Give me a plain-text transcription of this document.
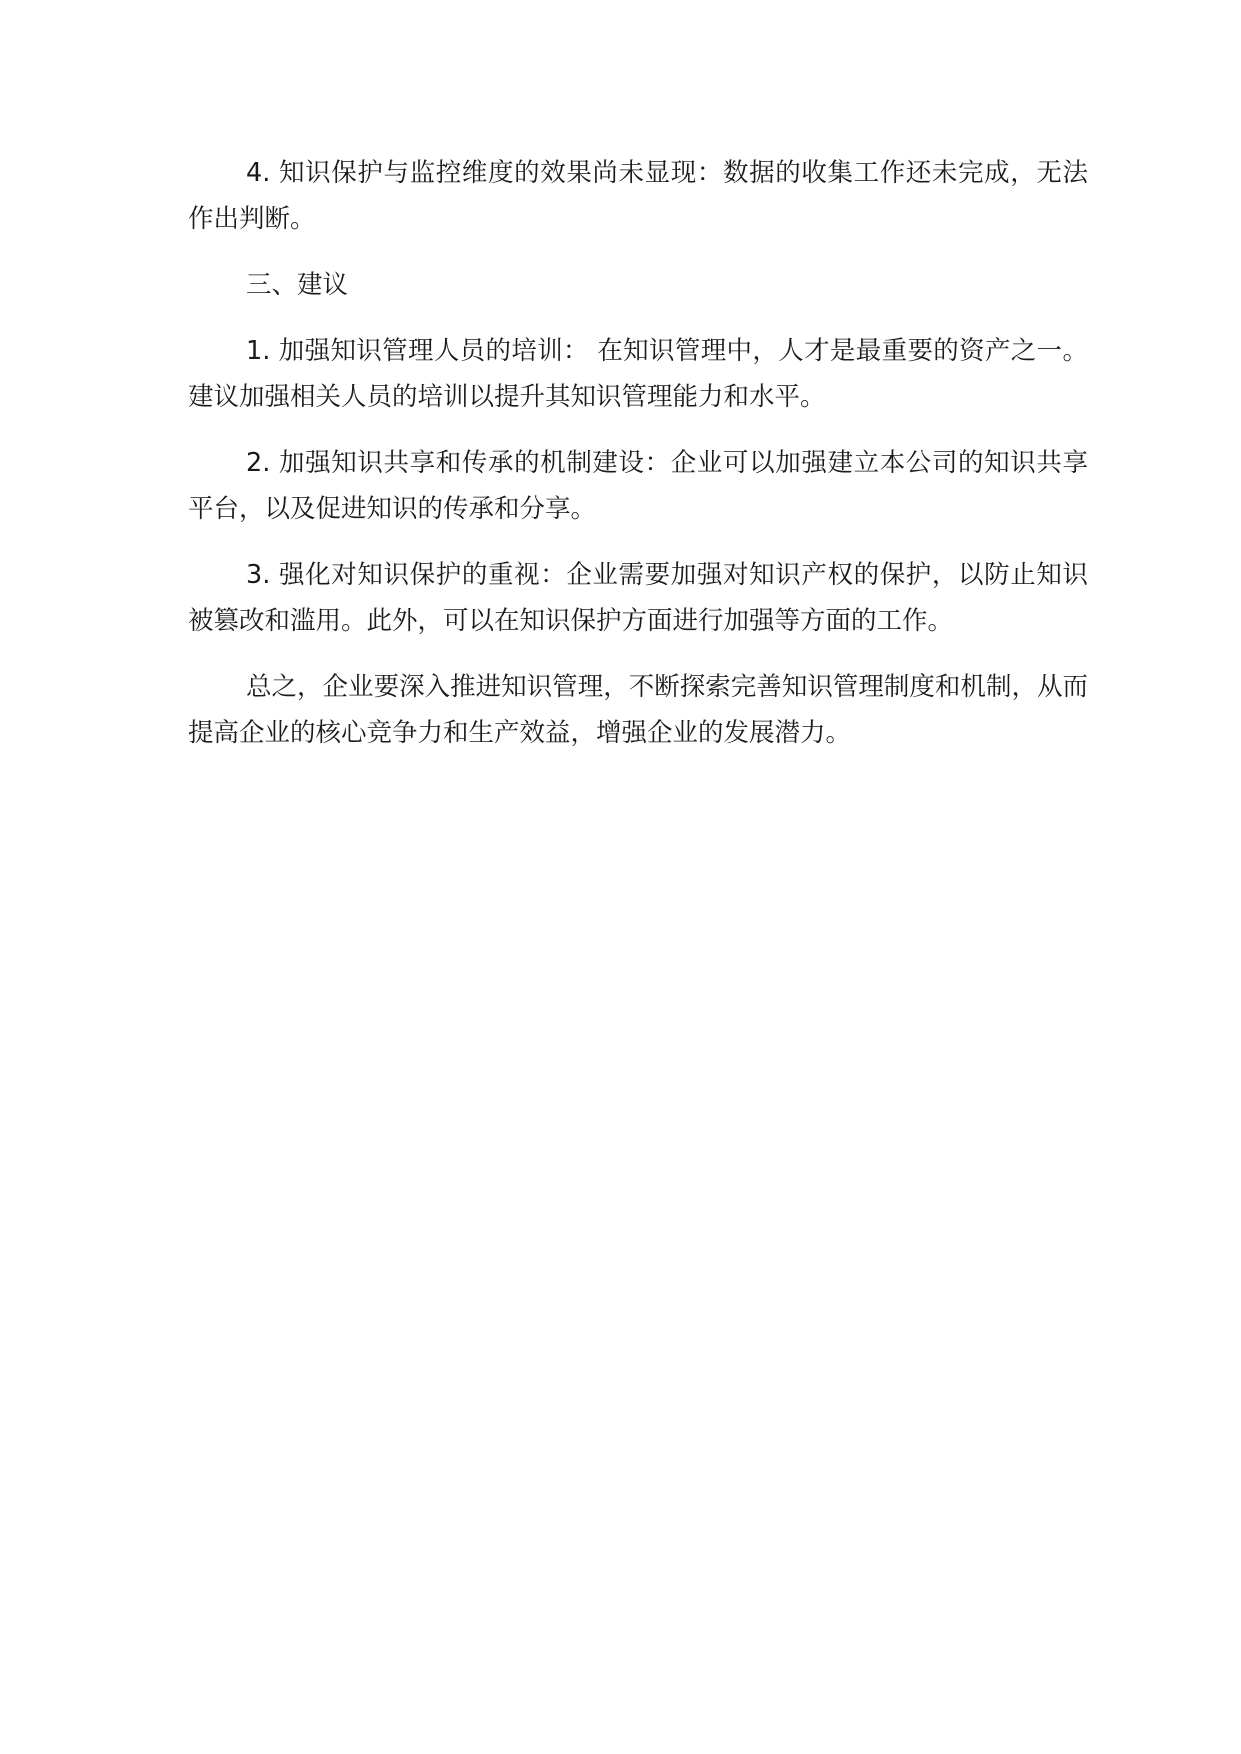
4. 知识保护与监控维度的效果尚未显现：数据的收集工作还未完成，无法作出判断。

三、建议

1. 加强知识管理人员的培训： 在知识管理中，人才是最重要的资产之一。建议加强相关人员的培训以提升其知识管理能力和水平。

2. 加强知识共享和传承的机制建设：企业可以加强建立本公司的知识共享平台，以及促进知识的传承和分享。

3. 强化对知识保护的重视：企业需要加强对知识产权的保护，以防止知识被篡改和滥用。此外，可以在知识保护方面进行加强等方面的工作。

总之，企业要深入推进知识管理，不断探索完善知识管理制度和机制，从而提高企业的核心竞争力和生产效益，增强企业的发展潜力。
